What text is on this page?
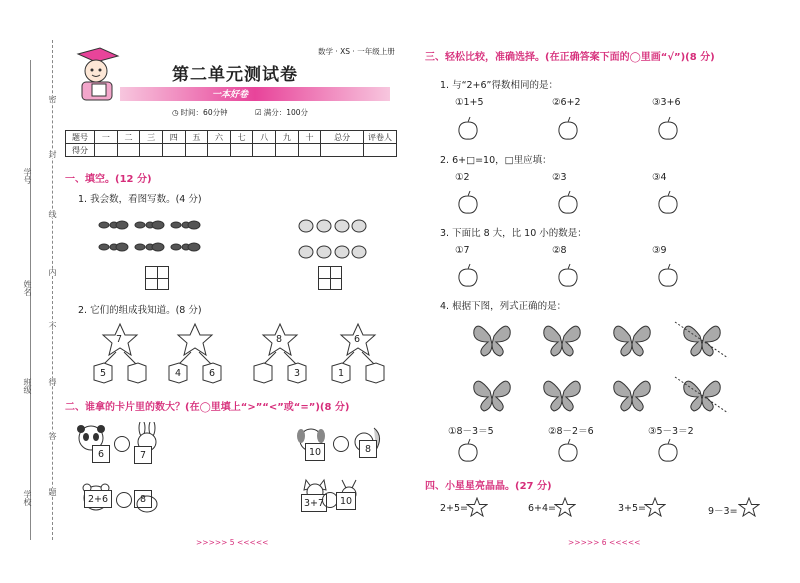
学号
姓名
班级
学校
密
封
线
内
不
得
答
题
数学 · XS · 一年级上册
第二单元测试卷
一本好卷
◷ 时间：60分钟	☑ 满分：100分
题号	一	二	三	四	五	六	七	八	九	十	总分	评卷人
得分												
一、填空。(12 分)
1. 我会数，看图写数。(4 分)
2. 它们的组成我知道。(8 分)
7
5	4	6
8
3
6
1
二、谁拿的卡片里的数大？(在◯里填上“>”“<”或“=”)(8 分)
6	7	10	8
2+6	8	3+7	10
>>>>> 5 <<<<<
三、轻松比较，准确选择。(在正确答案下面的◯里画“√”)(8 分)
1. 与“2+6”得数相同的是：
①1+5	②6+2	③3+6
2. 6+□=10，□里应填：
①2	②3	③4
3. 下面比 8 大，比 10 小的数是：
①7	②8	③9
4. 根据下图，列式正确的是：
①8－3＝5	②8－2＝6	③5－3＝2
四、小星星亮晶晶。(27 分)
2+5=	6+4=	3+5=	9－3=
>>>>> 6 <<<<<
